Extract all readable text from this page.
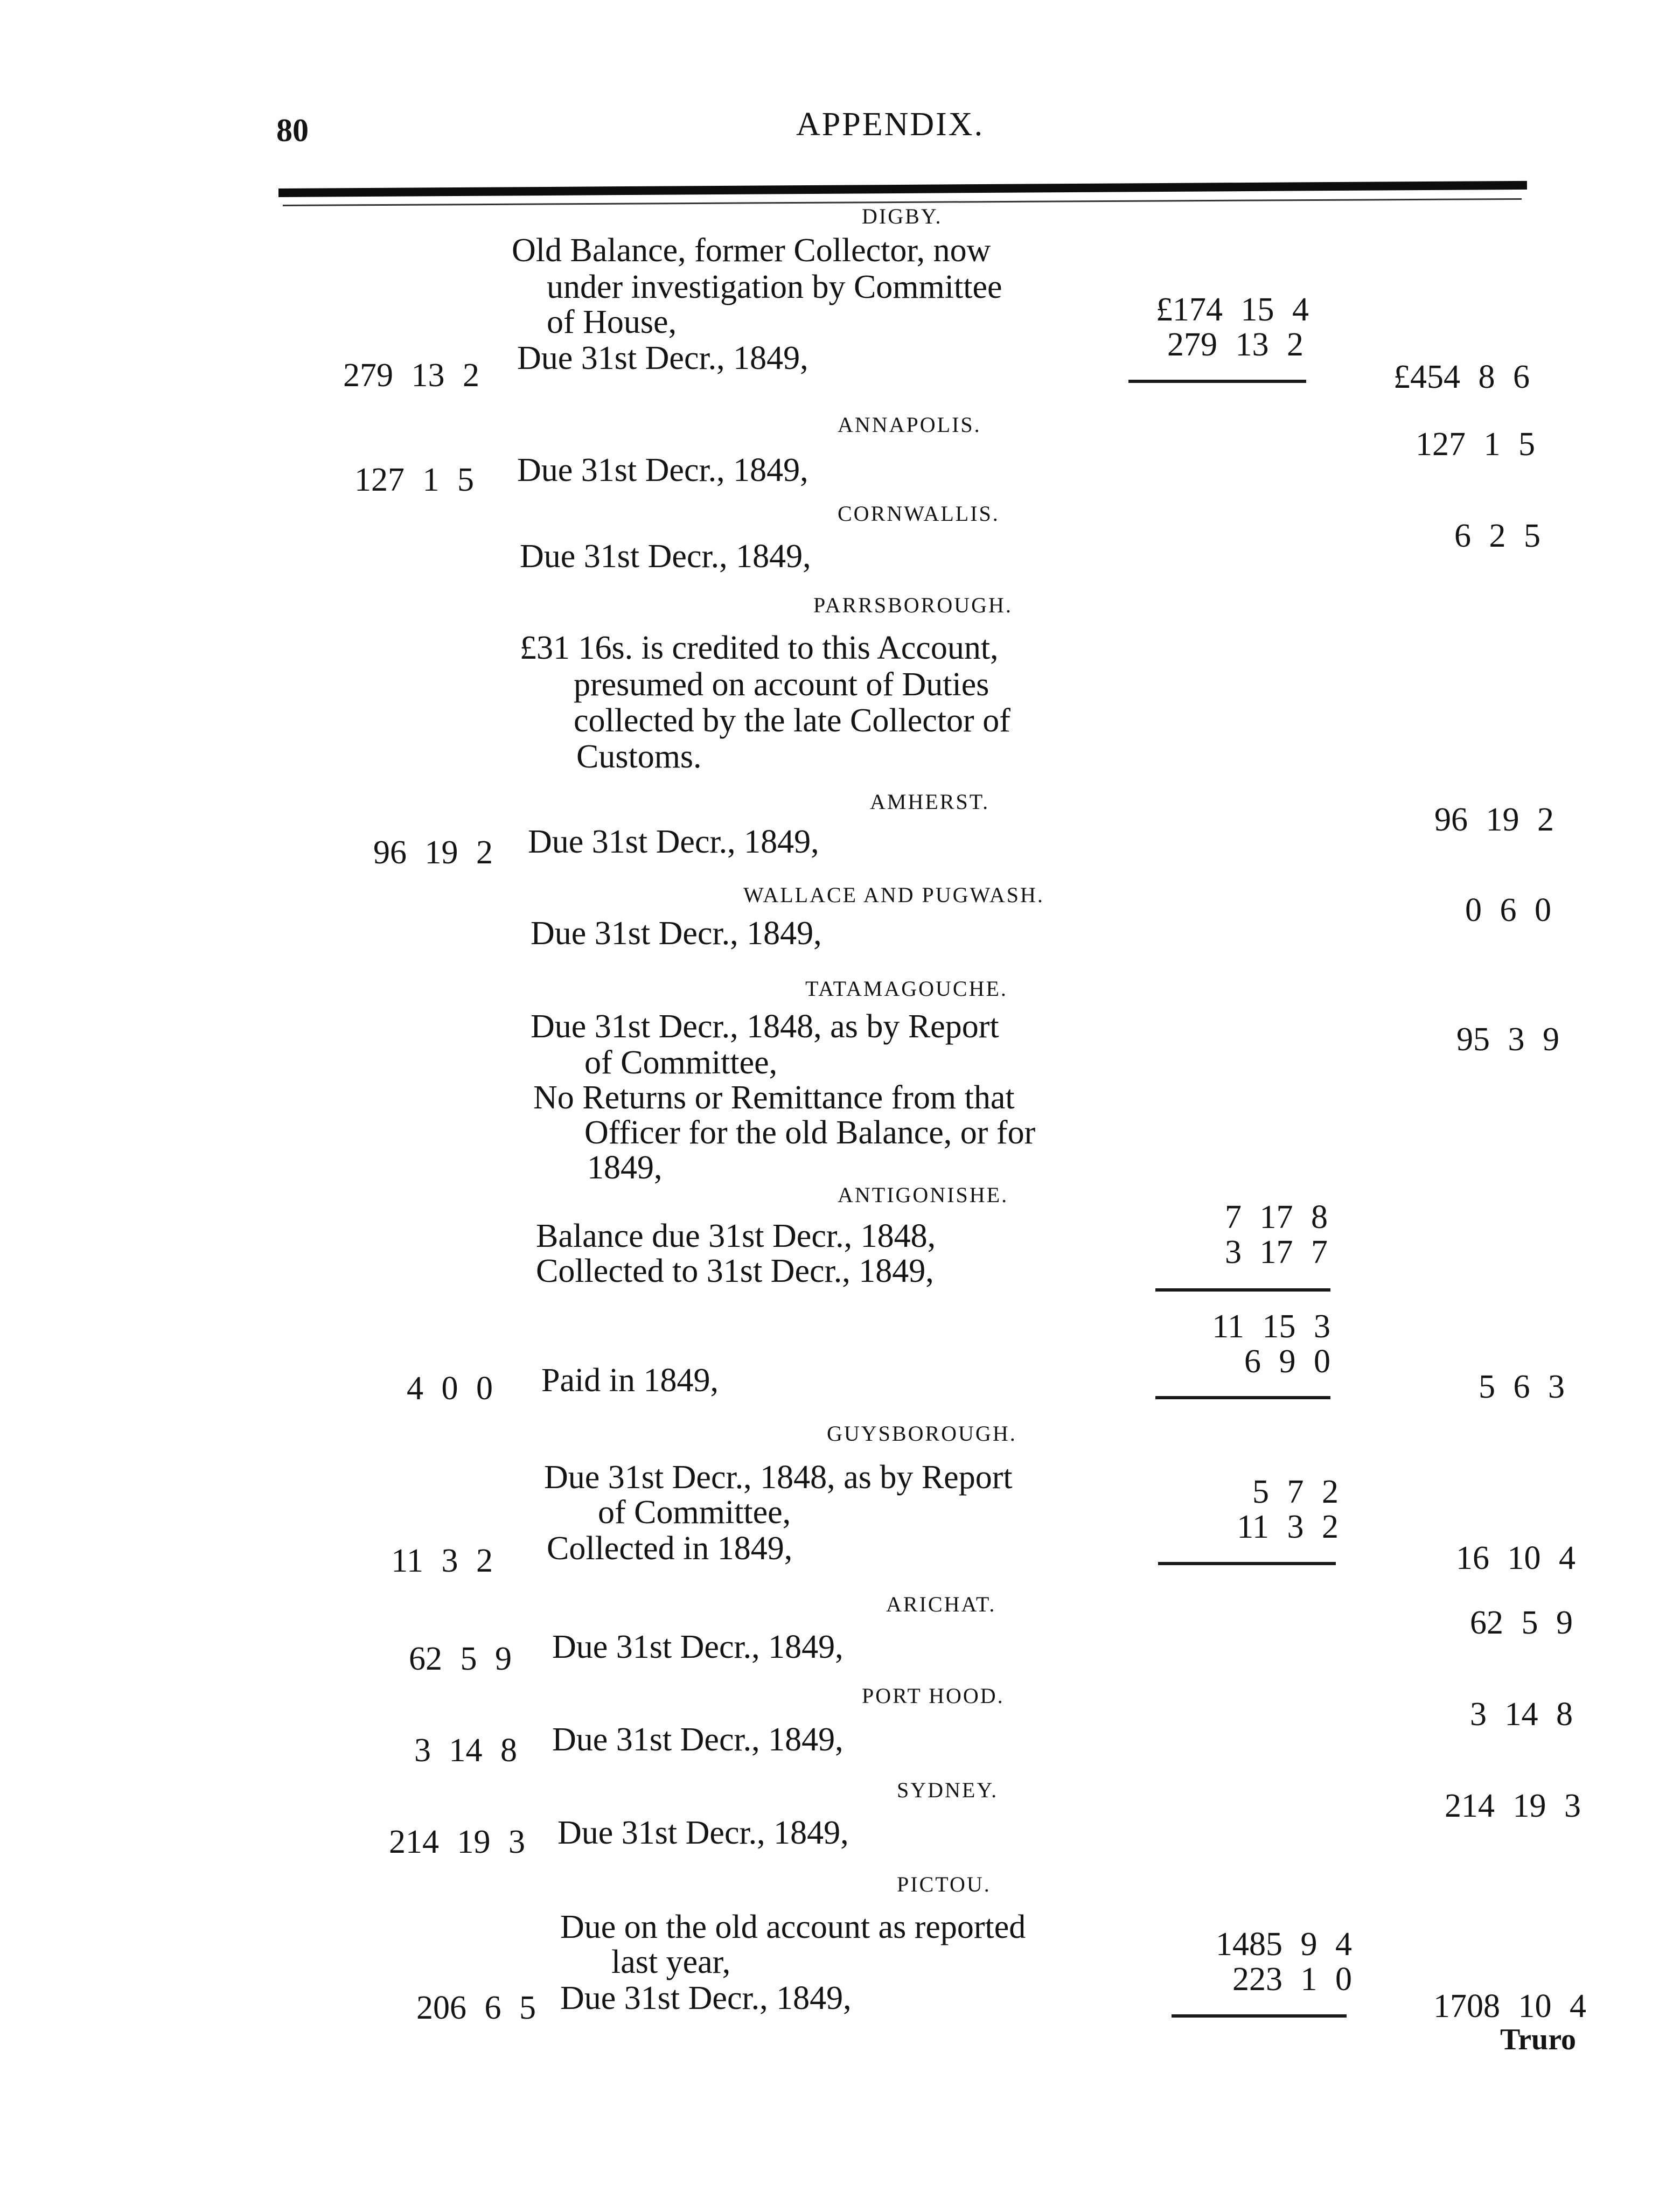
80	APPENDIX.
DIGBY.
Old Balance, former Collector, now
under investigation by Committee
of House,
Due 31st Decr., 1849,
279 13 2
£174 15 4
279 13 2
£454 8 6
ANNAPOLIS.
Due 31st Decr., 1849,
127 1 5
127 1 5
CORNWALLIS.
Due 31st Decr., 1849,
6 2 5
PARRSBOROUGH.
£31 16s. is credited to this Account,
presumed on account of Duties
collected by the late Collector of
Customs.
AMHERST.
Due 31st Decr., 1849,
96 19 2
96 19 2
WALLACE AND PUGWASH.
Due 31st Decr., 1849,
0 6 0
TATAMAGOUCHE.
Due 31st Decr., 1848, as by Report
of Committee,
No Returns or Remittance from that
Officer for the old Balance, or for
1849,
95 3 9
ANTIGONISHE.
Balance due 31st Decr., 1848,
Collected to 31st Decr., 1849,
7 17 8
3 17 7
11 15 3
6 9 0
Paid in 1849,
4 0 0	5 6 3
GUYSBOROUGH.
Due 31st Decr., 1848, as by Report
of Committee,
Collected in 1849,
11 3 2
5 7 2
11 3 2
16 10 4
ARICHAT.
Due 31st Decr., 1849,
62 5 9
62 5 9
PORT HOOD.
Due 31st Decr., 1849,
3 14 8
3 14 8
SYDNEY.
Due 31st Decr., 1849,
214 19 3
214 19 3
PICTOU.
Due on the old account as reported
last year,
Due 31st Decr., 1849,
206 6 5
1485 9 4
223 1 0
1708 10 4
Truro
